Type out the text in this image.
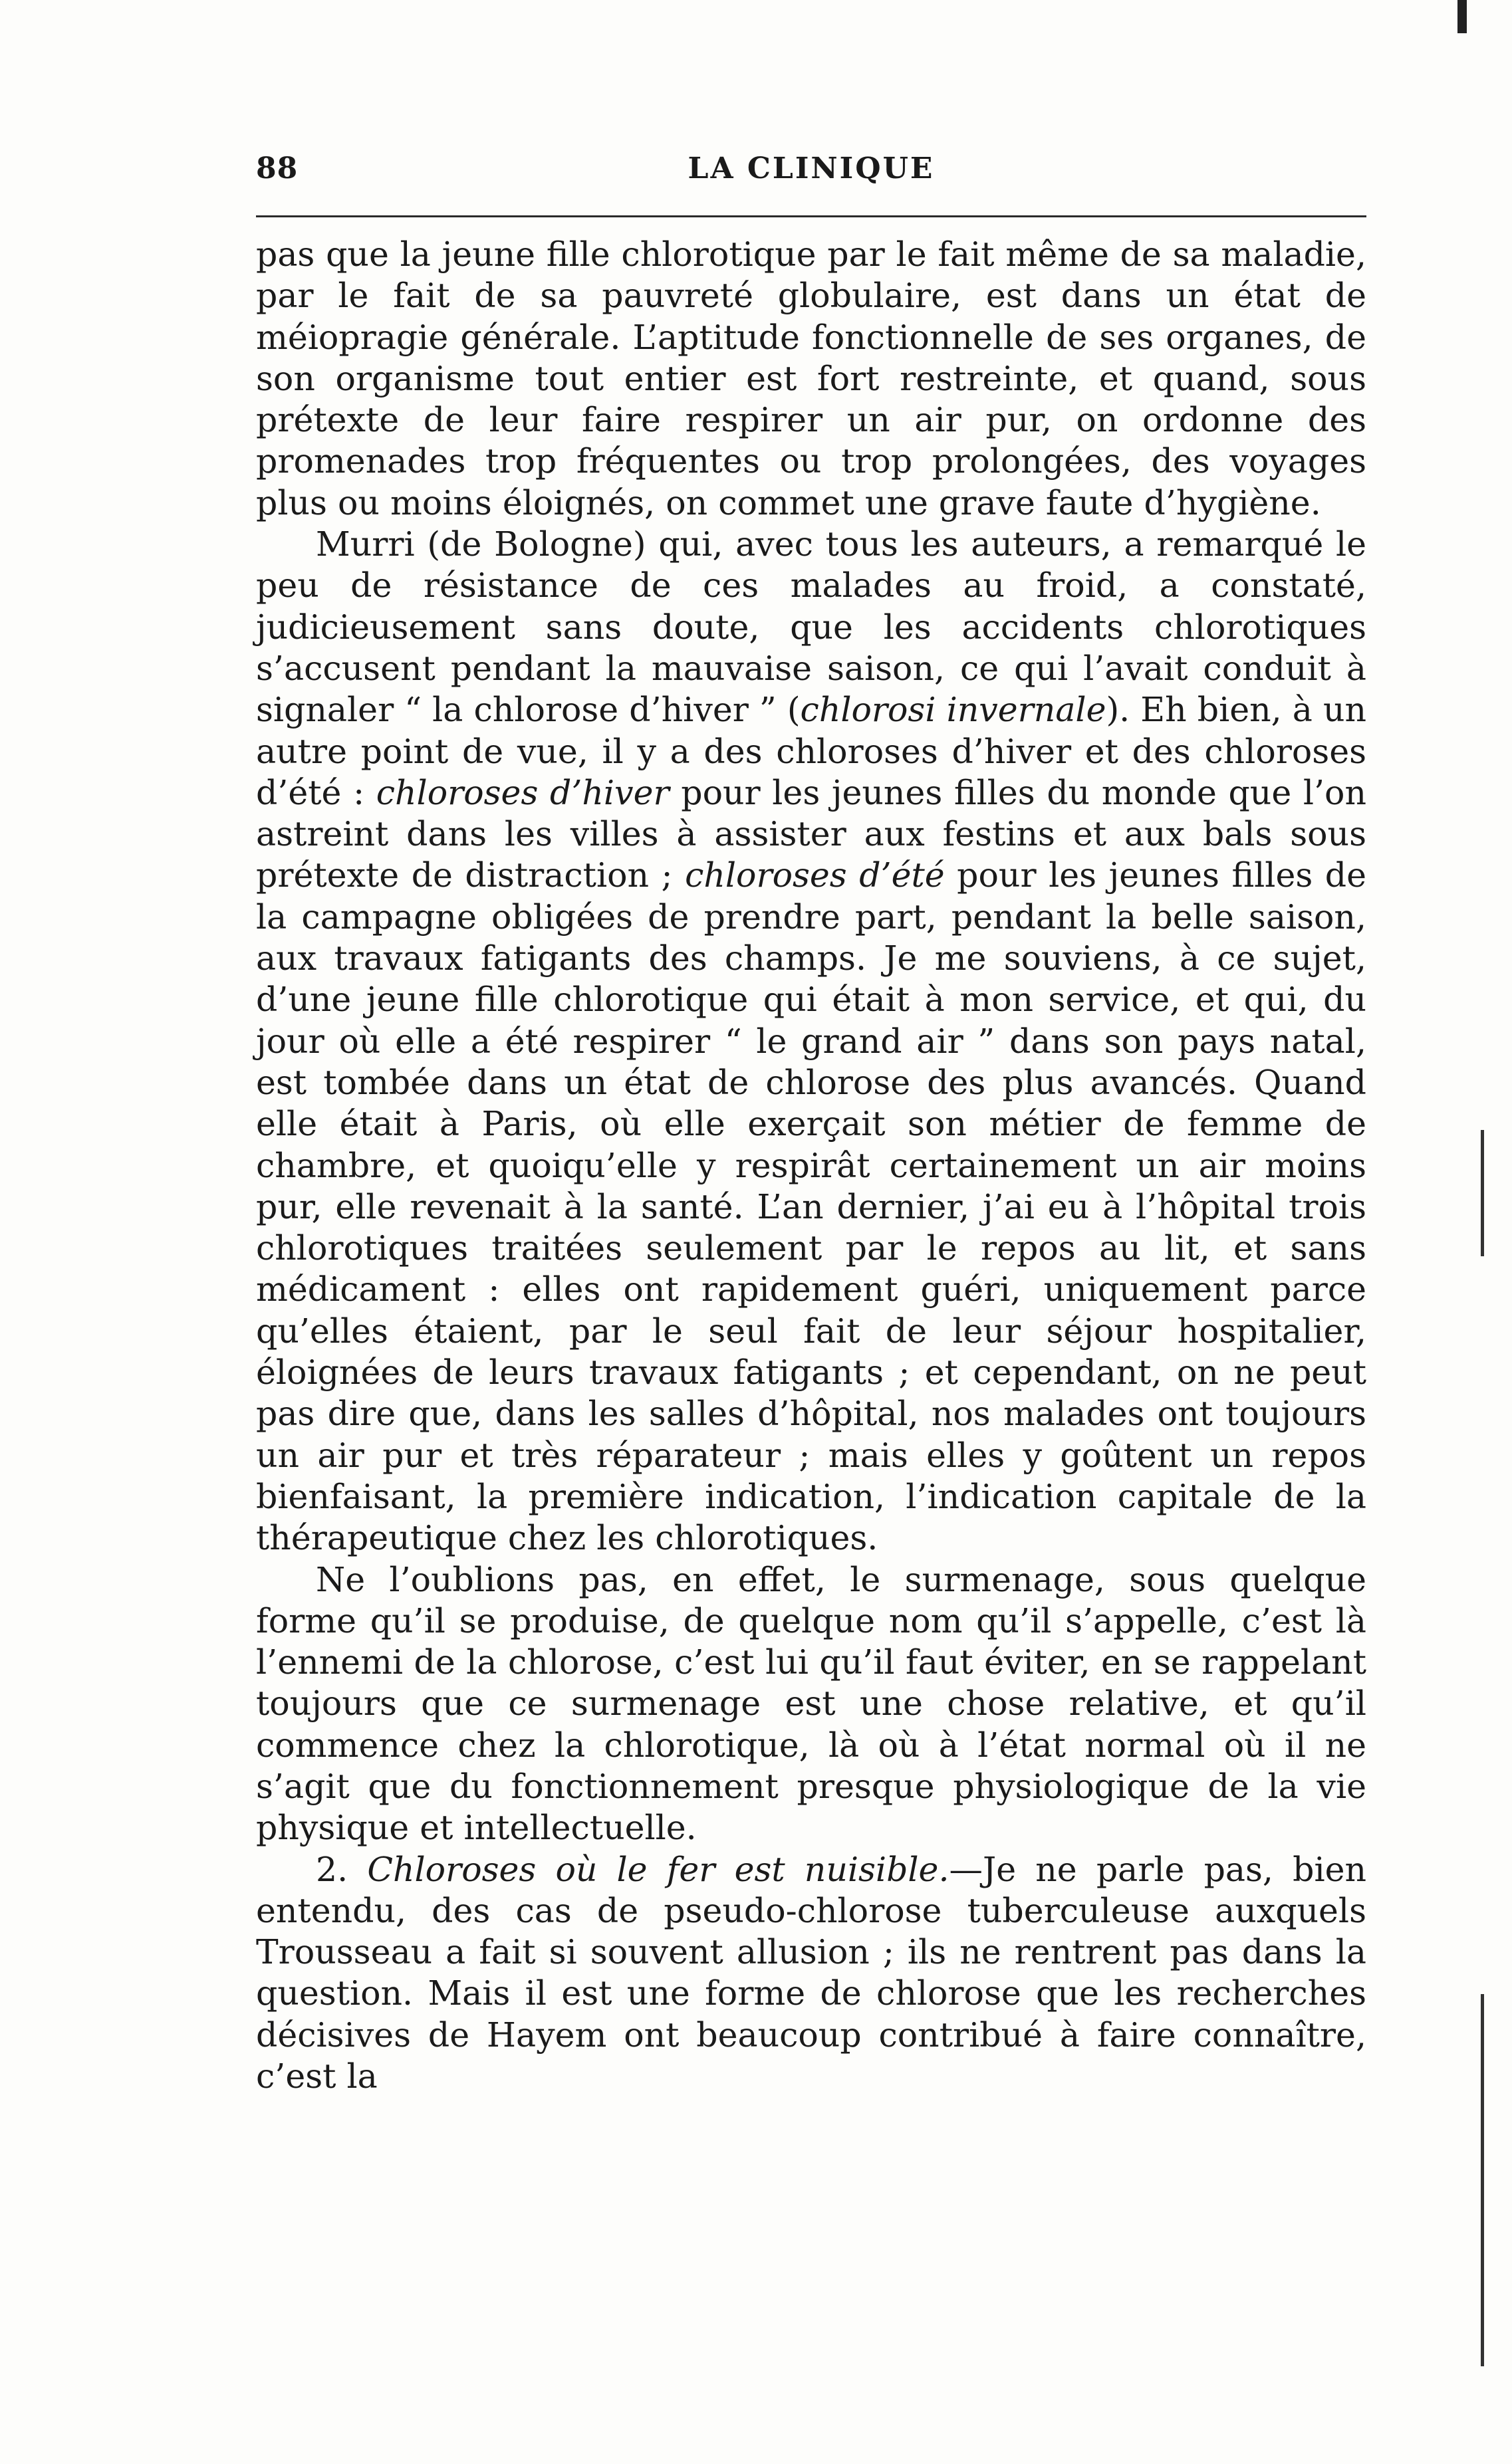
88	LA CLINIQUE

pas que la jeune fille chlorotique par le fait même de sa maladie, par le fait de sa pauvreté globulaire, est dans un état de méiopragie générale. L’aptitude fonctionnelle de ses organes, de son organisme tout entier est fort restreinte, et quand, sous prétexte de leur faire respirer un air pur, on ordonne des promenades trop fréquentes ou trop prolongées, des voyages plus ou moins éloignés, on commet une grave faute d’hygiène.

Murri (de Bologne) qui, avec tous les auteurs, a remarqué le peu de résistance de ces malades au froid, a constaté, judicieusement sans doute, que les accidents chlorotiques s’accusent pendant la mauvaise saison, ce qui l’avait conduit à signaler “ la chlorose d’hiver ” (chlorosi invernale). Eh bien, à un autre point de vue, il y a des chloroses d’hiver et des chloroses d’été : chloroses d’hiver pour les jeunes filles du monde que l’on astreint dans les villes à assister aux festins et aux bals sous prétexte de distraction ; chloroses d’été pour les jeunes filles de la campagne obligées de prendre part, pendant la belle saison, aux travaux fatigants des champs. Je me souviens, à ce sujet, d’une jeune fille chlorotique qui était à mon service, et qui, du jour où elle a été respirer “ le grand air ” dans son pays natal, est tombée dans un état de chlorose des plus avancés. Quand elle était à Paris, où elle exerçait son métier de femme de chambre, et quoiqu’elle y respirât certainement un air moins pur, elle revenait à la santé. L’an dernier, j’ai eu à l’hôpital trois chlorotiques traitées seulement par le repos au lit, et sans médicament : elles ont rapidement guéri, uniquement parce qu’elles étaient, par le seul fait de leur séjour hospitalier, éloignées de leurs travaux fatigants ; et cependant, on ne peut pas dire que, dans les salles d’hôpital, nos malades ont toujours un air pur et très réparateur ; mais elles y goûtent un repos bienfaisant, la première indication, l’indication capitale de la thérapeutique chez les chlorotiques.

Ne l’oublions pas, en effet, le surmenage, sous quelque forme qu’il se produise, de quelque nom qu’il s’appelle, c’est là l’ennemi de la chlorose, c’est lui qu’il faut éviter, en se rappelant toujours que ce surmenage est une chose relative, et qu’il commence chez la chlorotique, là où à l’état normal où il ne s’agit que du fonctionnement presque physiologique de la vie physique et intellectuelle.

2. Chloroses où le fer est nuisible.—Je ne parle pas, bien entendu, des cas de pseudo-chlorose tuberculeuse auxquels Trousseau a fait si souvent allusion ; ils ne rentrent pas dans la question. Mais il est une forme de chlorose que les recherches décisives de Hayem ont beaucoup contribué à faire connaître, c’est la
